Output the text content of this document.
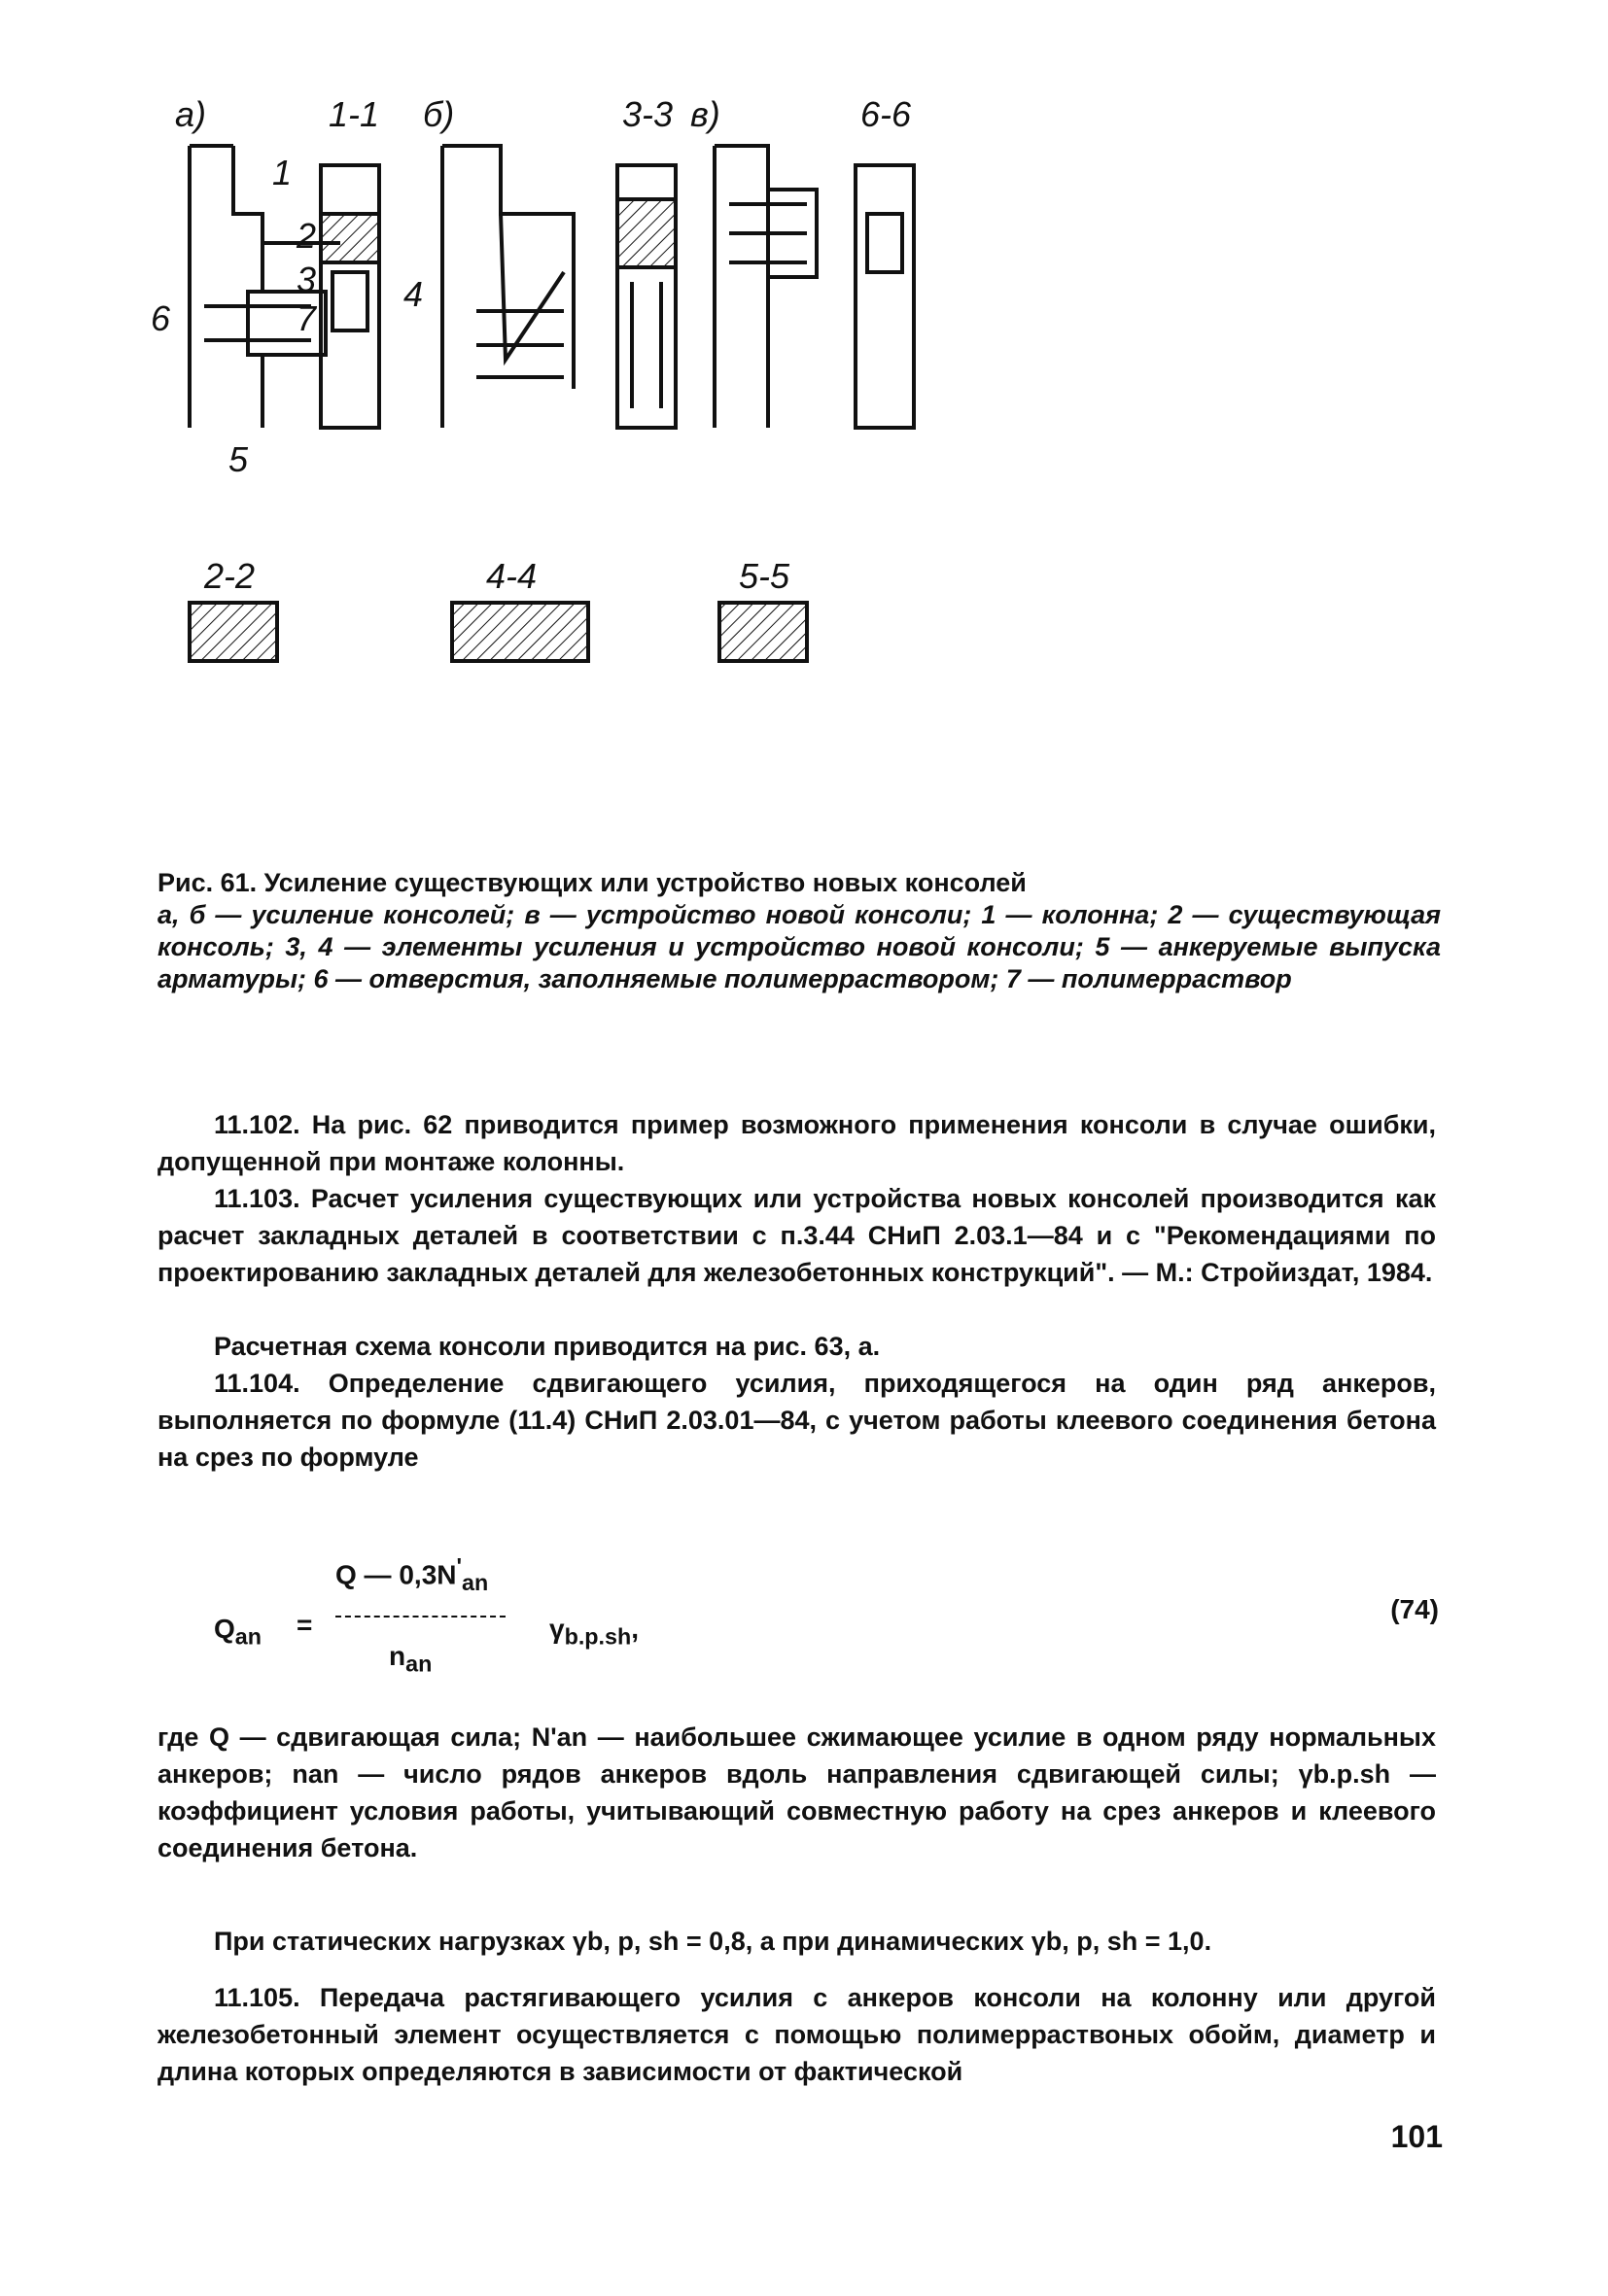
а)	б)	в)
1-1	3-3	6-6
2-2	4-4	5-5
1
2
3 4
5
6	7
Рис. 61. Усиление существующих или устройство новых консолей
а, б — усиление консолей; в — устройство новой консоли; 1 — колонна; 2 — существующая консоль; 3, 4 — элементы усиления и устройство новой консоли; 5 — анкеруемые выпуска арматуры; 6 — отверстия, заполняемые полимерраствором; 7 — полимерраствор
11.102. На рис. 62 приводится пример возможного применения консоли в случае ошибки, допущенной при монтаже колонны.
11.103. Расчет усиления существующих или устройства новых консолей производится как расчет закладных деталей в соответствии с п.3.44 СНиП 2.03.1—84 и с "Рекомендациями по проектированию закладных деталей для железобетонных конструкций". — М.: Стройиздат, 1984.
Расчетная схема консоли приводится на рис. 63, а.
11.104. Определение сдвигающего усилия, приходящегося на один ряд анкеров, выполняется по формуле (11.4) СНиП 2.03.01—84, с учетом работы клеевого соединения бетона на срез по формуле
$Q_{an}$ =
Q — $0,3N'_{an}$
$n_{an}$
$\gamma_{b.p.sh}$,
(74)
где Q — сдвигающая сила; N'an — наибольшее сжимающее усилие в одном ряду нормальных анкеров; nan — число рядов анкеров вдоль направления сдвигающей силы; γb.p.sh — коэффициент условия работы, учитывающий совместную работу на срез анкеров и клеевого соединения бетона.
При статических нагрузках γb, p, sh = 0,8, а при динамических γb, p, sh = 1,0.
11.105. Передача растягивающего усилия с анкеров консоли на колонну или другой железобетонный элемент осуществляется с помощью полимерраствоных обойм, диаметр и длина которых определяются в зависимости от фактической
101
